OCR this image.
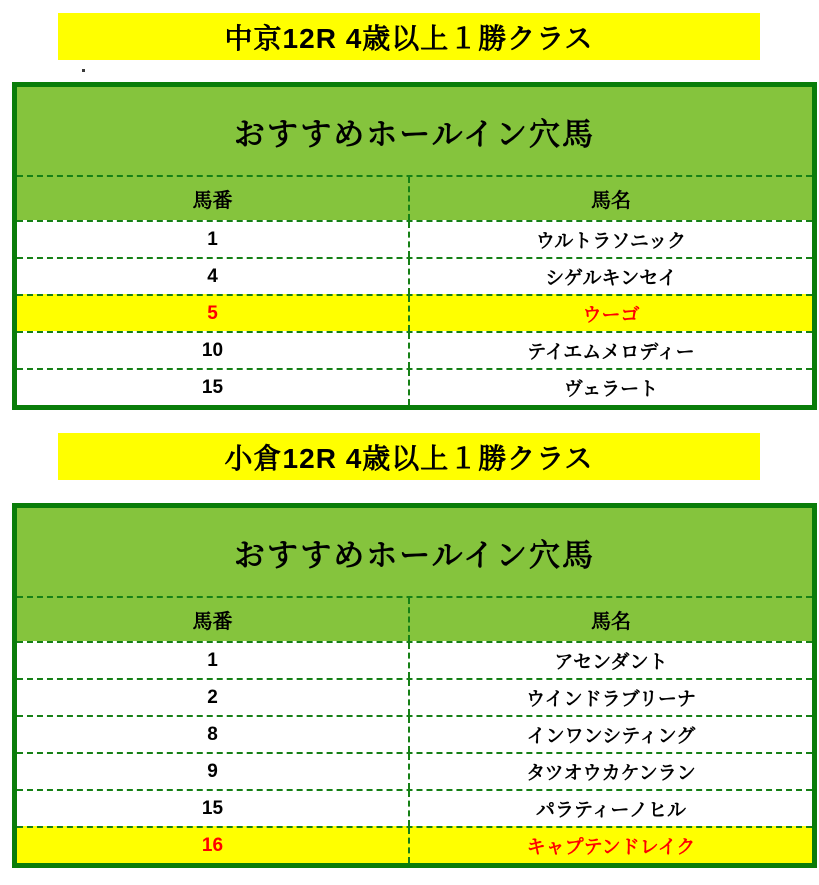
中京12R 4歳以上１勝クラス
おすすめホールイン穴馬
馬番	馬名
1	ウルトラソニック
4	シゲルキンセイ
5	ウーゴ
10	テイエムメロディー
15	ヴェラート
小倉12R 4歳以上１勝クラス
おすすめホールイン穴馬
馬番	馬名
1	アセンダント
2	ウインドラブリーナ
8	インワンシティング
9	タツオウカケンラン
15	パラティーノヒル
16	キャプテンドレイク
